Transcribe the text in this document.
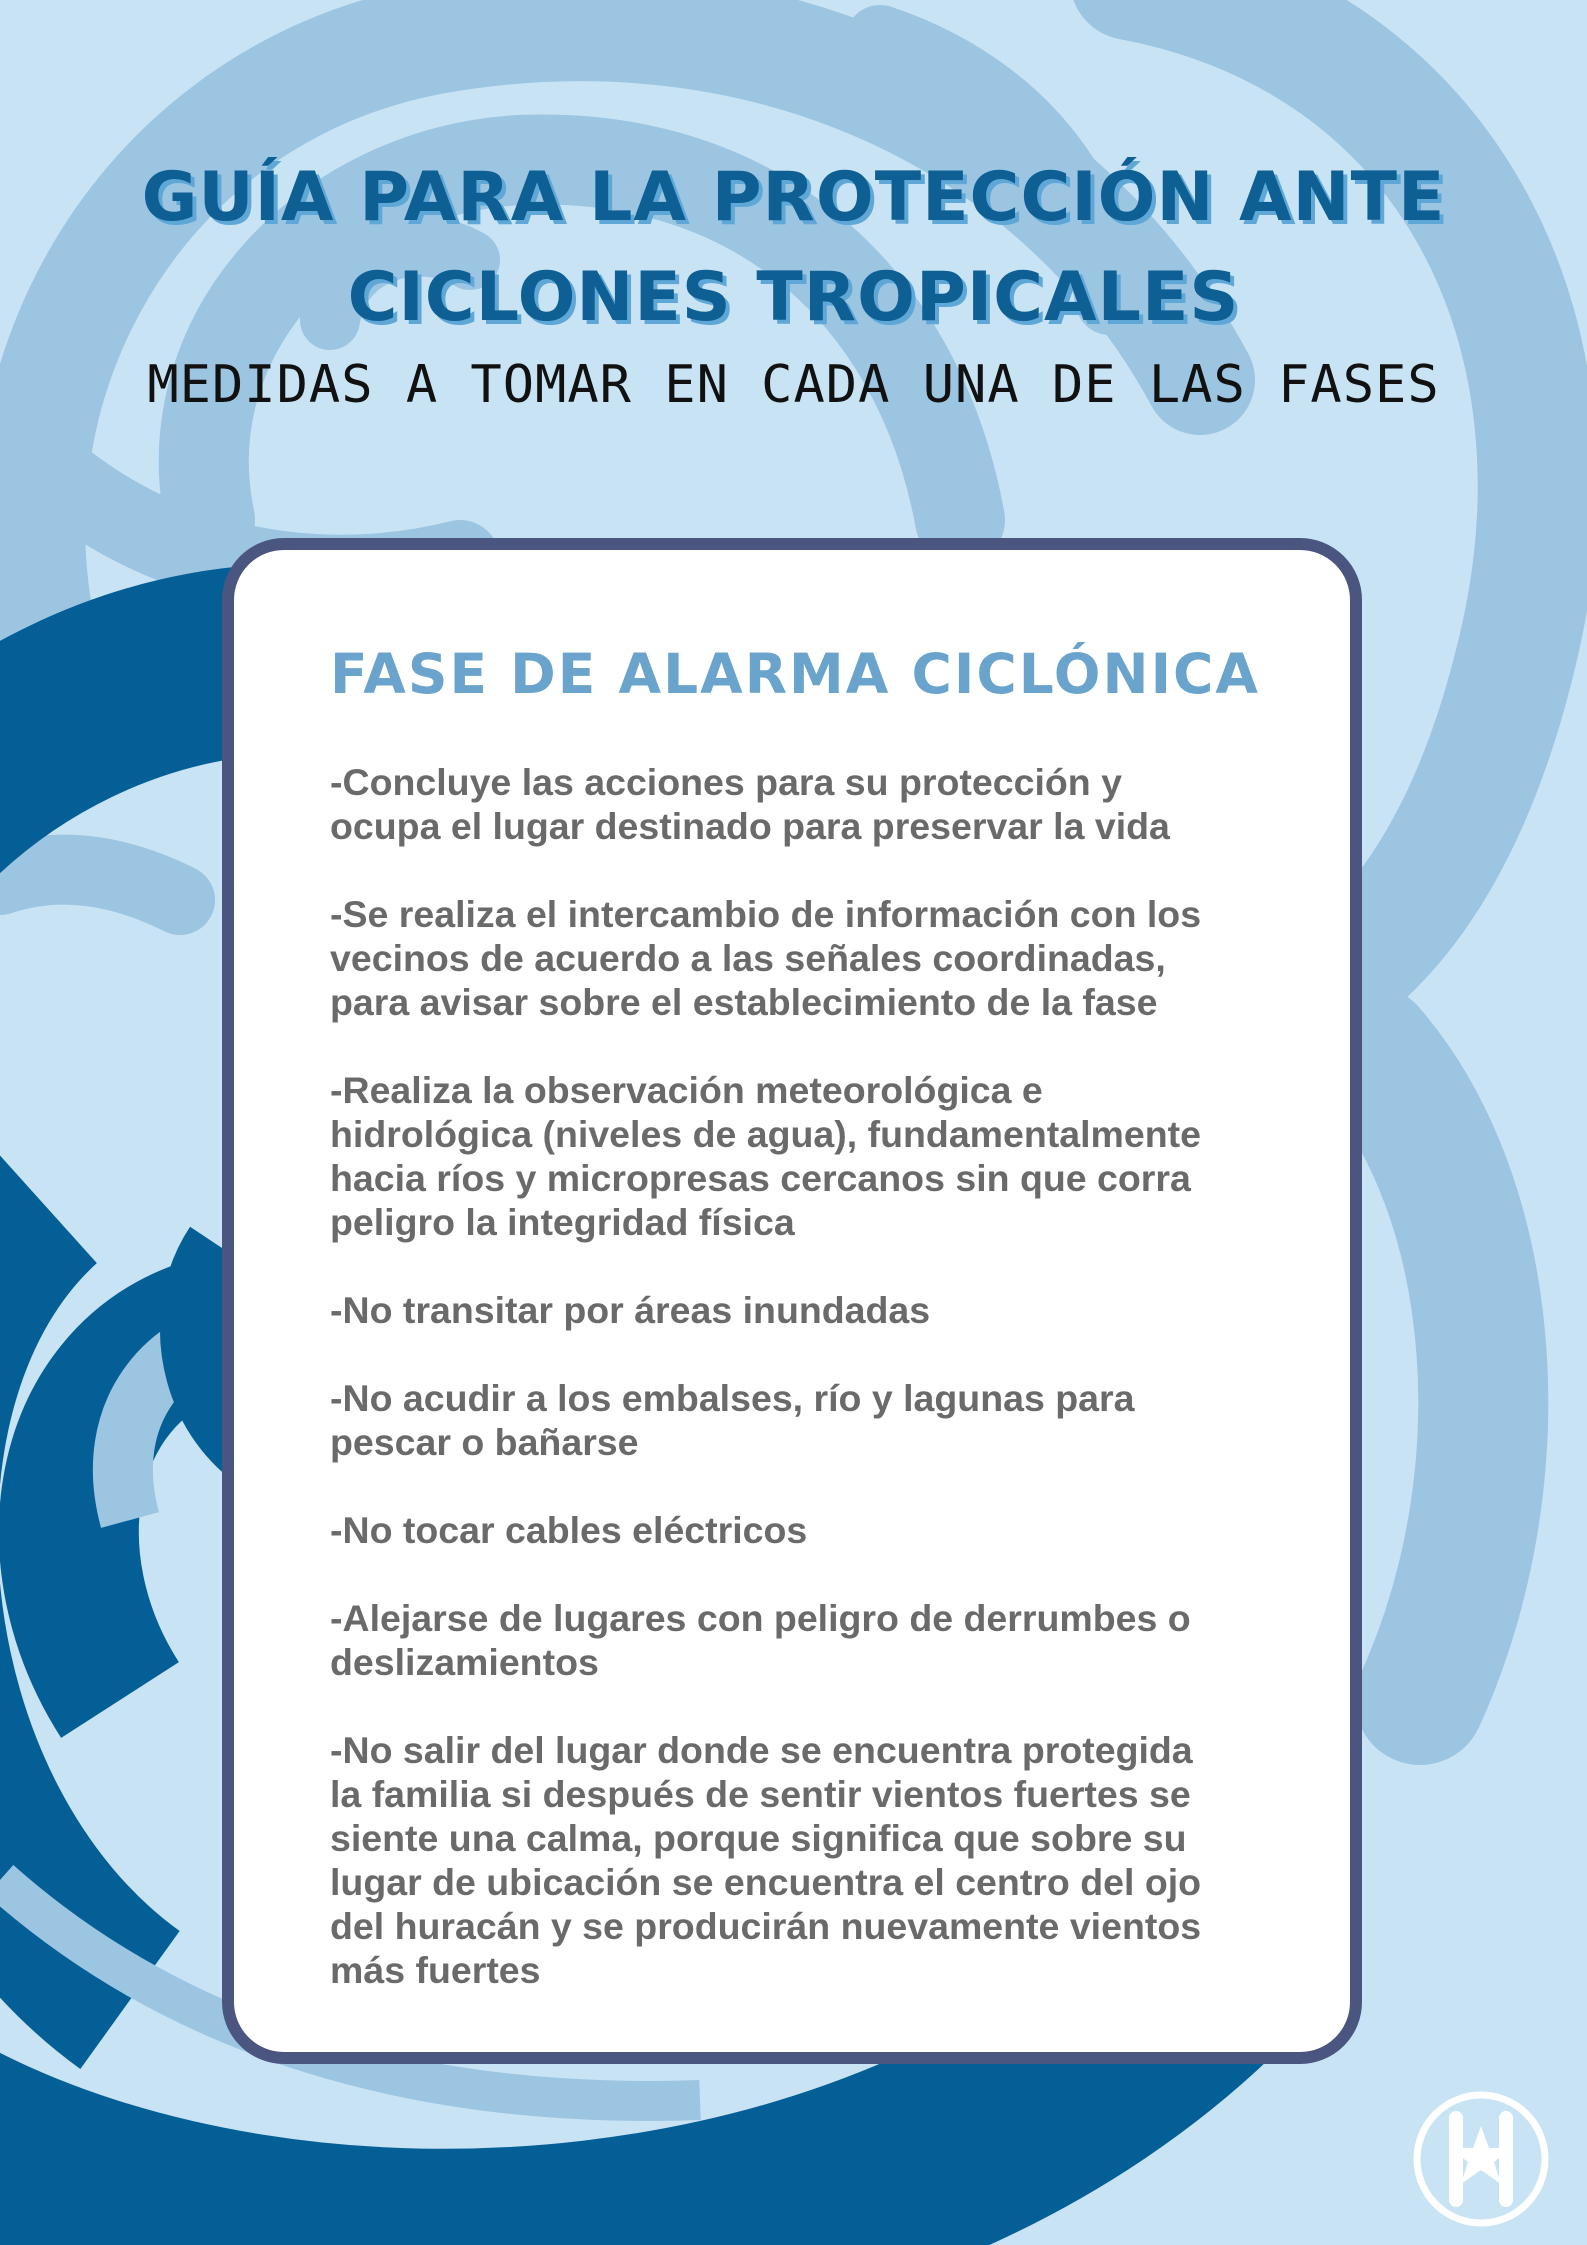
GUÍA PARA LA PROTECCIÓN ANTE
CICLONES TROPICALES
MEDIDAS A TOMAR EN CADA UNA DE LAS FASES
FASE DE ALARMA CICLÓNICA
-Concluye las acciones para su protección y
ocupa el lugar destinado para preservar la vida
-Se realiza el intercambio de información con los
vecinos de acuerdo a las señales coordinadas,
para avisar sobre el establecimiento de la fase
-Realiza la observación meteorológica e
hidrológica (niveles de agua), fundamentalmente
hacia ríos y micropresas cercanos sin que corra
peligro la integridad física
-No transitar por áreas inundadas
-No acudir a los embalses, río y lagunas para
pescar o bañarse
-No tocar cables eléctricos
-Alejarse de lugares con peligro de derrumbes o
deslizamientos
-No salir del lugar donde se encuentra protegida
la familia si después de sentir vientos fuertes se
siente una calma, porque significa que sobre su
lugar de ubicación se encuentra el centro del ojo
del huracán y se producirán nuevamente vientos
más fuertes
